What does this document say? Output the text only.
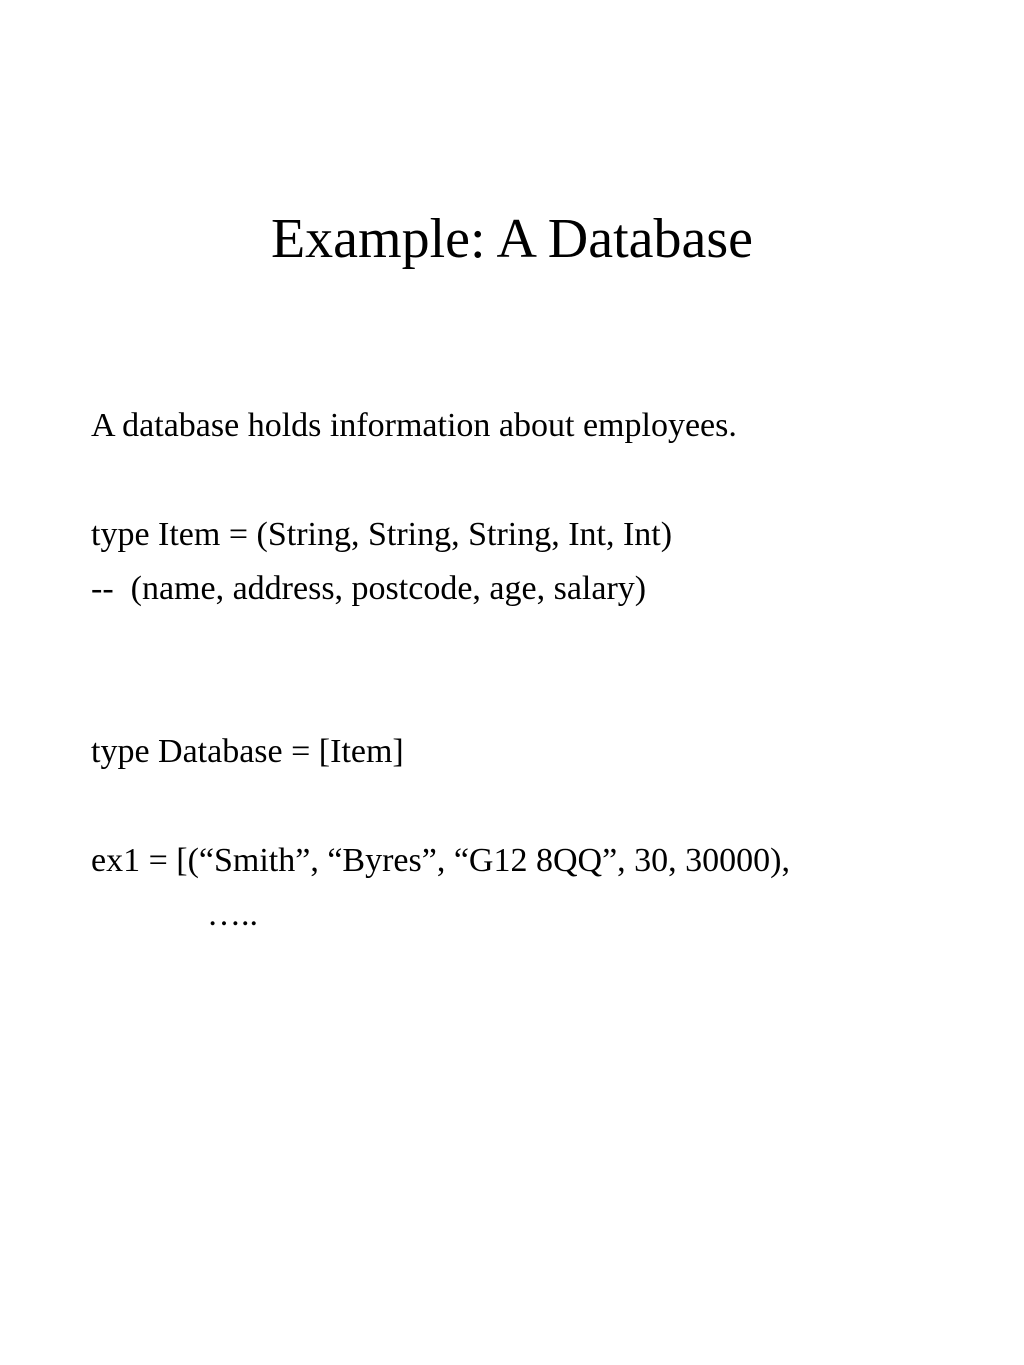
Example: A Database
A database holds information about employees.
type Item = (String, String, String, Int, Int)
--  (name, address, postcode, age, salary)
type Database = [Item]
ex1 = [(“Smith”, “Byres”, “G12 8QQ”, 30, 30000),
…..
